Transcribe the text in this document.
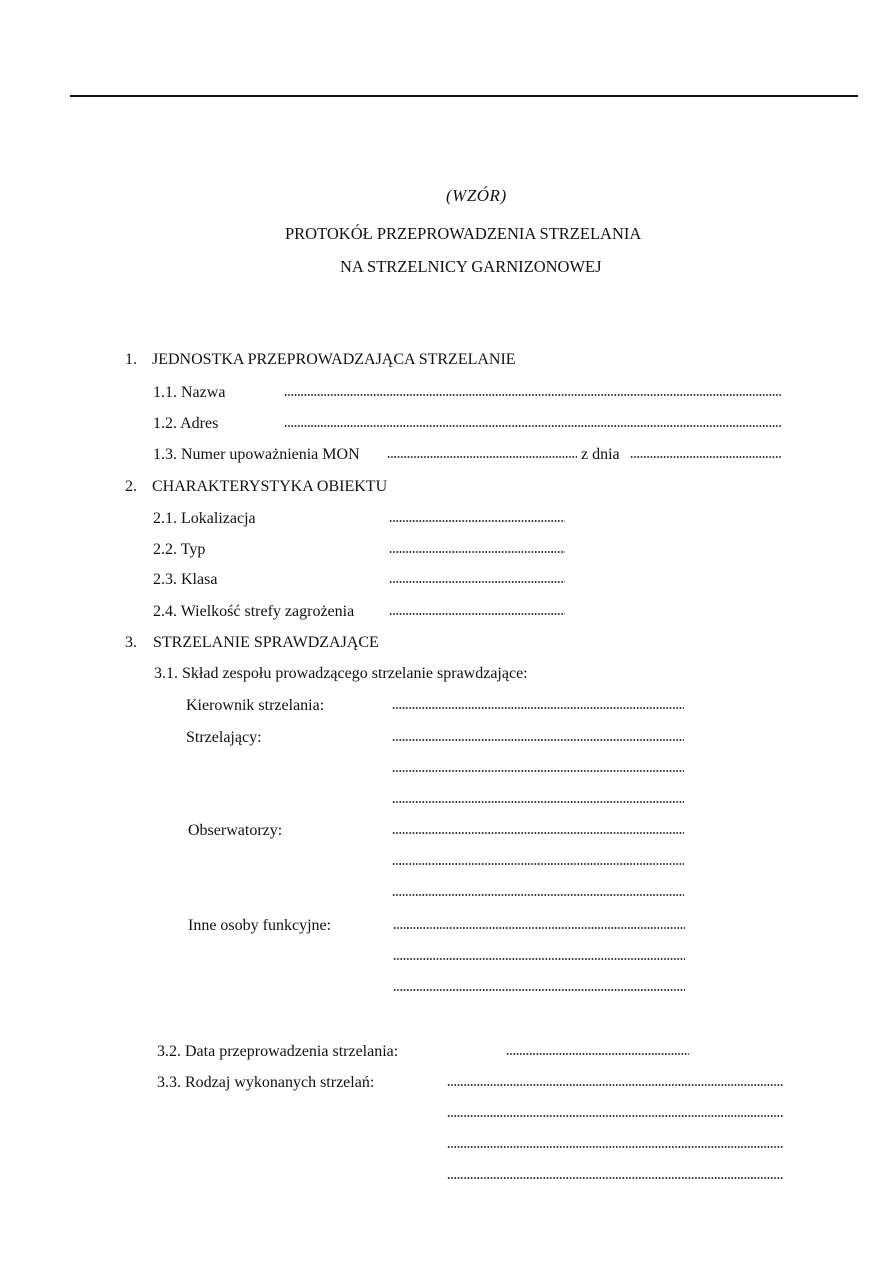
(WZÓR)
PROTOKÓŁ PRZEPROWADZENIA STRZELANIA
NA STRZELNICY GARNIZONOWEJ
1. JEDNOSTKA PRZEPROWADZAJĄCA STRZELANIE
1.1. Nazwa
1.2. Adres
1.3. Numer upoważnienia MON	z dnia
2. CHARAKTERYSTYKA OBIEKTU
2.1. Lokalizacja
2.2. Typ
2.3. Klasa
2.4. Wielkość strefy zagrożenia
3. STRZELANIE SPRAWDZAJĄCE
3.1. Skład zespołu prowadzącego strzelanie sprawdzające:
Kierownik strzelania:
Strzelający:
Obserwatorzy:
Inne osoby funkcyjne:
3.2. Data przeprowadzenia strzelania:
3.3. Rodzaj wykonanych strzelań:
